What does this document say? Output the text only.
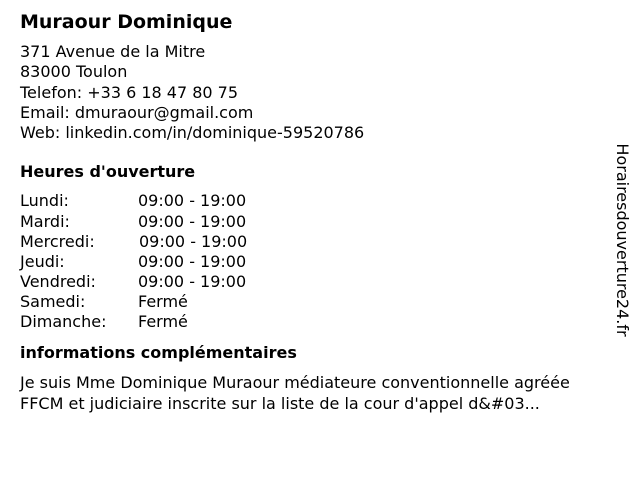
Muraour Dominique
371 Avenue de la Mitre
83000 Toulon
Telefon: +33 6 18 47 80 75
Email: dmuraour@gmail.com
Web: linkedin.com/in/dominique-59520786
Heures d'ouverture
Lundi:	09:00 - 19:00
Mardi:	09:00 - 19:00
Mercredi:	09:00 - 19:00
Jeudi:	09:00 - 19:00
Vendredi:	09:00 - 19:00
Samedi:	Fermé
Dimanche:	Fermé
informations complémentaires
Je suis Mme Dominique Muraour médiateure conventionnelle agréée FFCM et judiciaire inscrite sur la liste de la cour d'appel d&#03...
Horairesdouverture24.fr
